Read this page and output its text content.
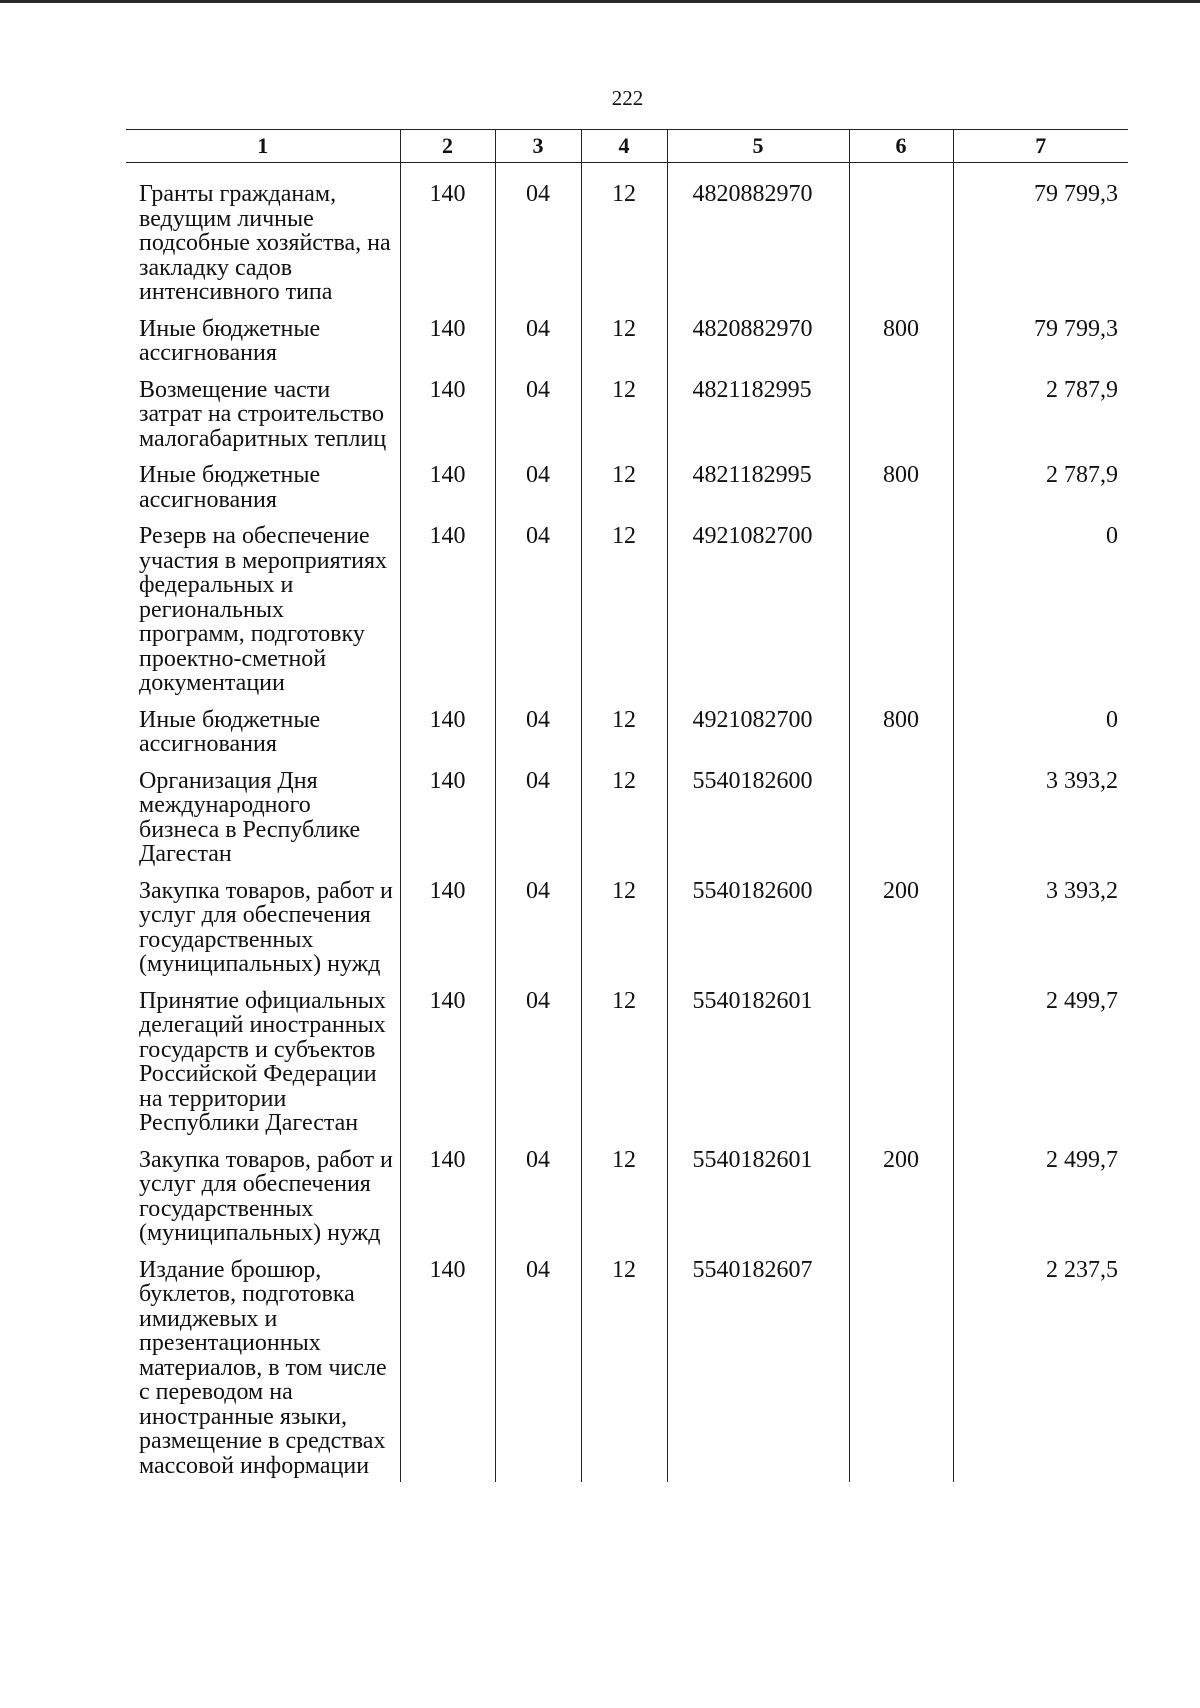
222
1	2	3	4	5	6	7
Гранты гражданам, ведущим личные подсобные хозяйства, на закладку садов интенсивного типа	140	04	12	4820882970		79 799,3
Иные бюджетные ассигнования	140	04	12	4820882970	800	79 799,3
Возмещение части затрат на строительство малогабаритных теплиц	140	04	12	4821182995		2 787,9
Иные бюджетные ассигнования	140	04	12	4821182995	800	2 787,9
Резерв на обеспечение участия в мероприятиях федеральных и региональных программ, подготовку проектно-сметной документации	140	04	12	4921082700		0
Иные бюджетные ассигнования	140	04	12	4921082700	800	0
Организация Дня международного бизнеса в Республике Дагестан	140	04	12	5540182600		3 393,2
Закупка товаров, работ и услуг для обеспечения государственных (муниципальных) нужд	140	04	12	5540182600	200	3 393,2
Принятие официальных делегаций иностранных государств и субъектов Российской Федерации на территории Республики Дагестан	140	04	12	5540182601		2 499,7
Закупка товаров, работ и услуг для обеспечения государственных (муниципальных) нужд	140	04	12	5540182601	200	2 499,7
Издание брошюр, буклетов, подготовка имиджевых и презентационных материалов, в том числе с переводом на иностранные языки, размещение в средствах массовой информации	140	04	12	5540182607		2 237,5
